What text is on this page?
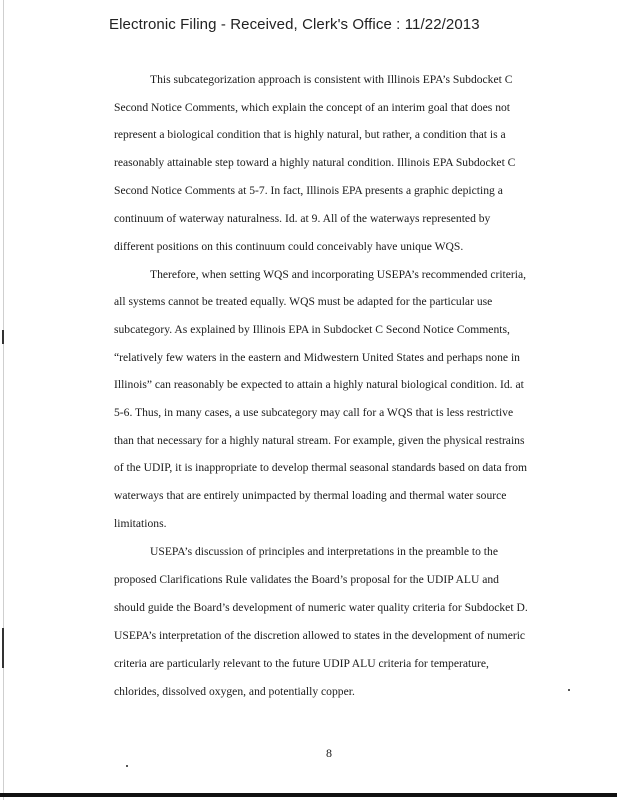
Electronic Filing - Received, Clerk's Office : 11/22/2013
This subcategorization approach is consistent with Illinois EPA’s Subdocket C
Second Notice Comments, which explain the concept of an interim goal that does not
represent a biological condition that is highly natural, but rather, a condition that is a
reasonably attainable step toward a highly natural condition. Illinois EPA Subdocket C
Second Notice Comments at 5-7. In fact, Illinois EPA presents a graphic depicting a
continuum of waterway naturalness. Id. at 9. All of the waterways represented by
different positions on this continuum could conceivably have unique WQS.
Therefore, when setting WQS and incorporating USEPA’s recommended criteria,
all systems cannot be treated equally. WQS must be adapted for the particular use
subcategory. As explained by Illinois EPA in Subdocket C Second Notice Comments,
“relatively few waters in the eastern and Midwestern United States and perhaps none in
Illinois” can reasonably be expected to attain a highly natural biological condition. Id. at
5-6. Thus, in many cases, a use subcategory may call for a WQS that is less restrictive
than that necessary for a highly natural stream. For example, given the physical restrains
of the UDIP, it is inappropriate to develop thermal seasonal standards based on data from
waterways that are entirely unimpacted by thermal loading and thermal water source
limitations.
USEPA’s discussion of principles and interpretations in the preamble to the
proposed Clarifications Rule validates the Board’s proposal for the UDIP ALU and
should guide the Board’s development of numeric water quality criteria for Subdocket D.
USEPA’s interpretation of the discretion allowed to states in the development of numeric
criteria are particularly relevant to the future UDIP ALU criteria for temperature,
chlorides, dissolved oxygen, and potentially copper.
8
